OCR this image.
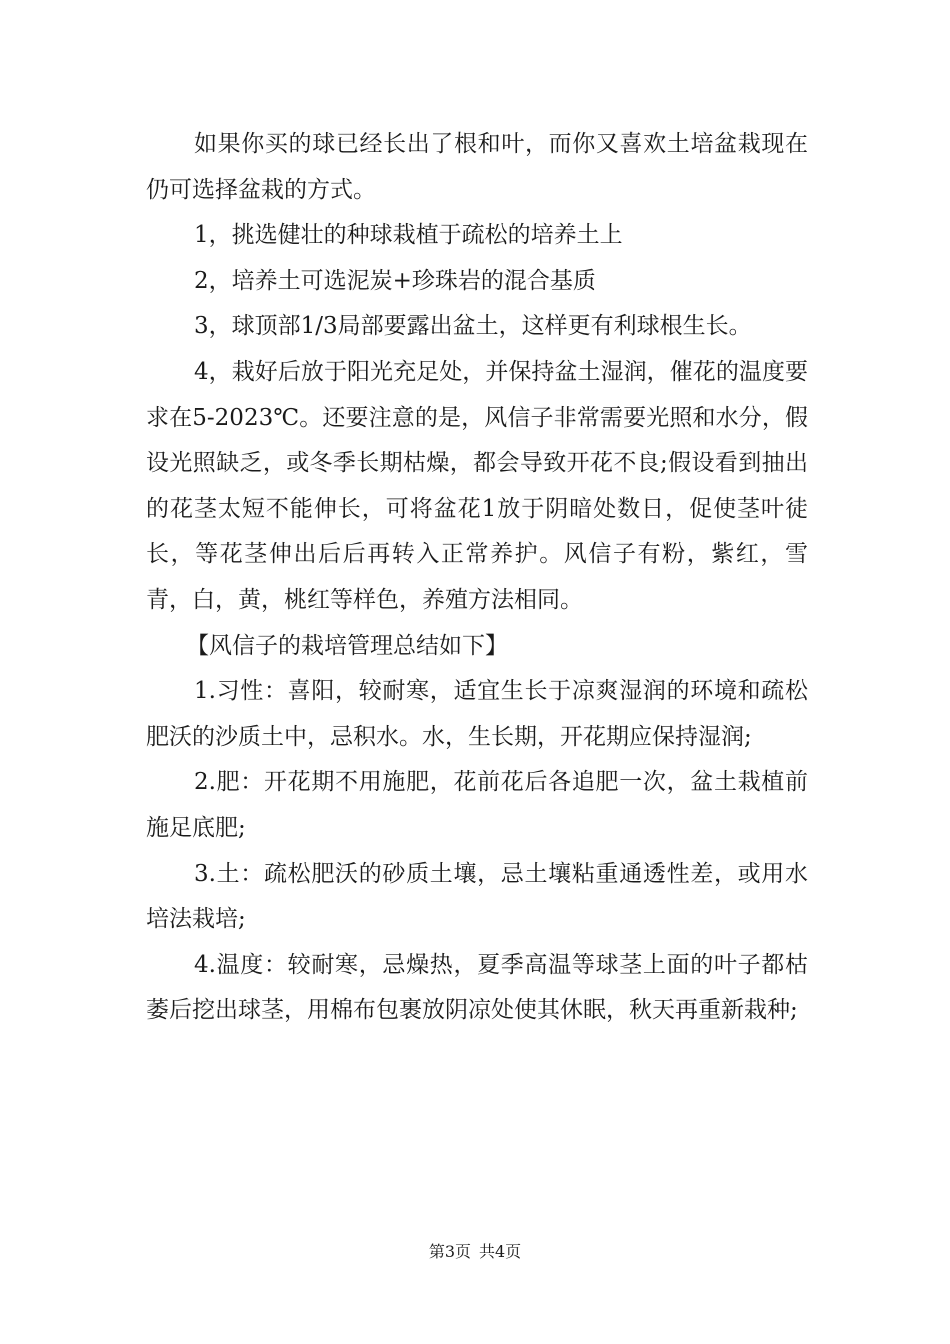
如果你买的球已经长出了根和叶，而你又喜欢土培盆栽现在仍可选择盆栽的方式。

1，挑选健壮的种球栽植于疏松的培养土上

2，培养土可选泥炭+珍珠岩的混合基质

3，球顶部1/3局部要露出盆土，这样更有利球根生长。

4，栽好后放于阳光充足处，并保持盆土湿润，催花的温度要求在5-2023℃。还要注意的是，风信子非常需要光照和水分，假设光照缺乏，或冬季长期枯燥，都会导致开花不良;假设看到抽出的花茎太短不能伸长，可将盆花1放于阴暗处数日，促使茎叶徒长，等花茎伸出后后再转入正常养护。风信子有粉，紫红，雪青，白，黄，桃红等样色，养殖方法相同。

【风信子的栽培管理总结如下】

1.习性：喜阳，较耐寒，适宜生长于凉爽湿润的环境和疏松肥沃的沙质土中，忌积水。水，生长期，开花期应保持湿润;

2.肥：开花期不用施肥，花前花后各追肥一次，盆土栽植前施足底肥;

3.土：疏松肥沃的砂质土壤，忌土壤粘重通透性差，或用水培法栽培;

4.温度：较耐寒，忌燥热，夏季高温等球茎上面的叶子都枯萎后挖出球茎，用棉布包裹放阴凉处使其休眠，秋天再重新栽种;

第3页 共4页
